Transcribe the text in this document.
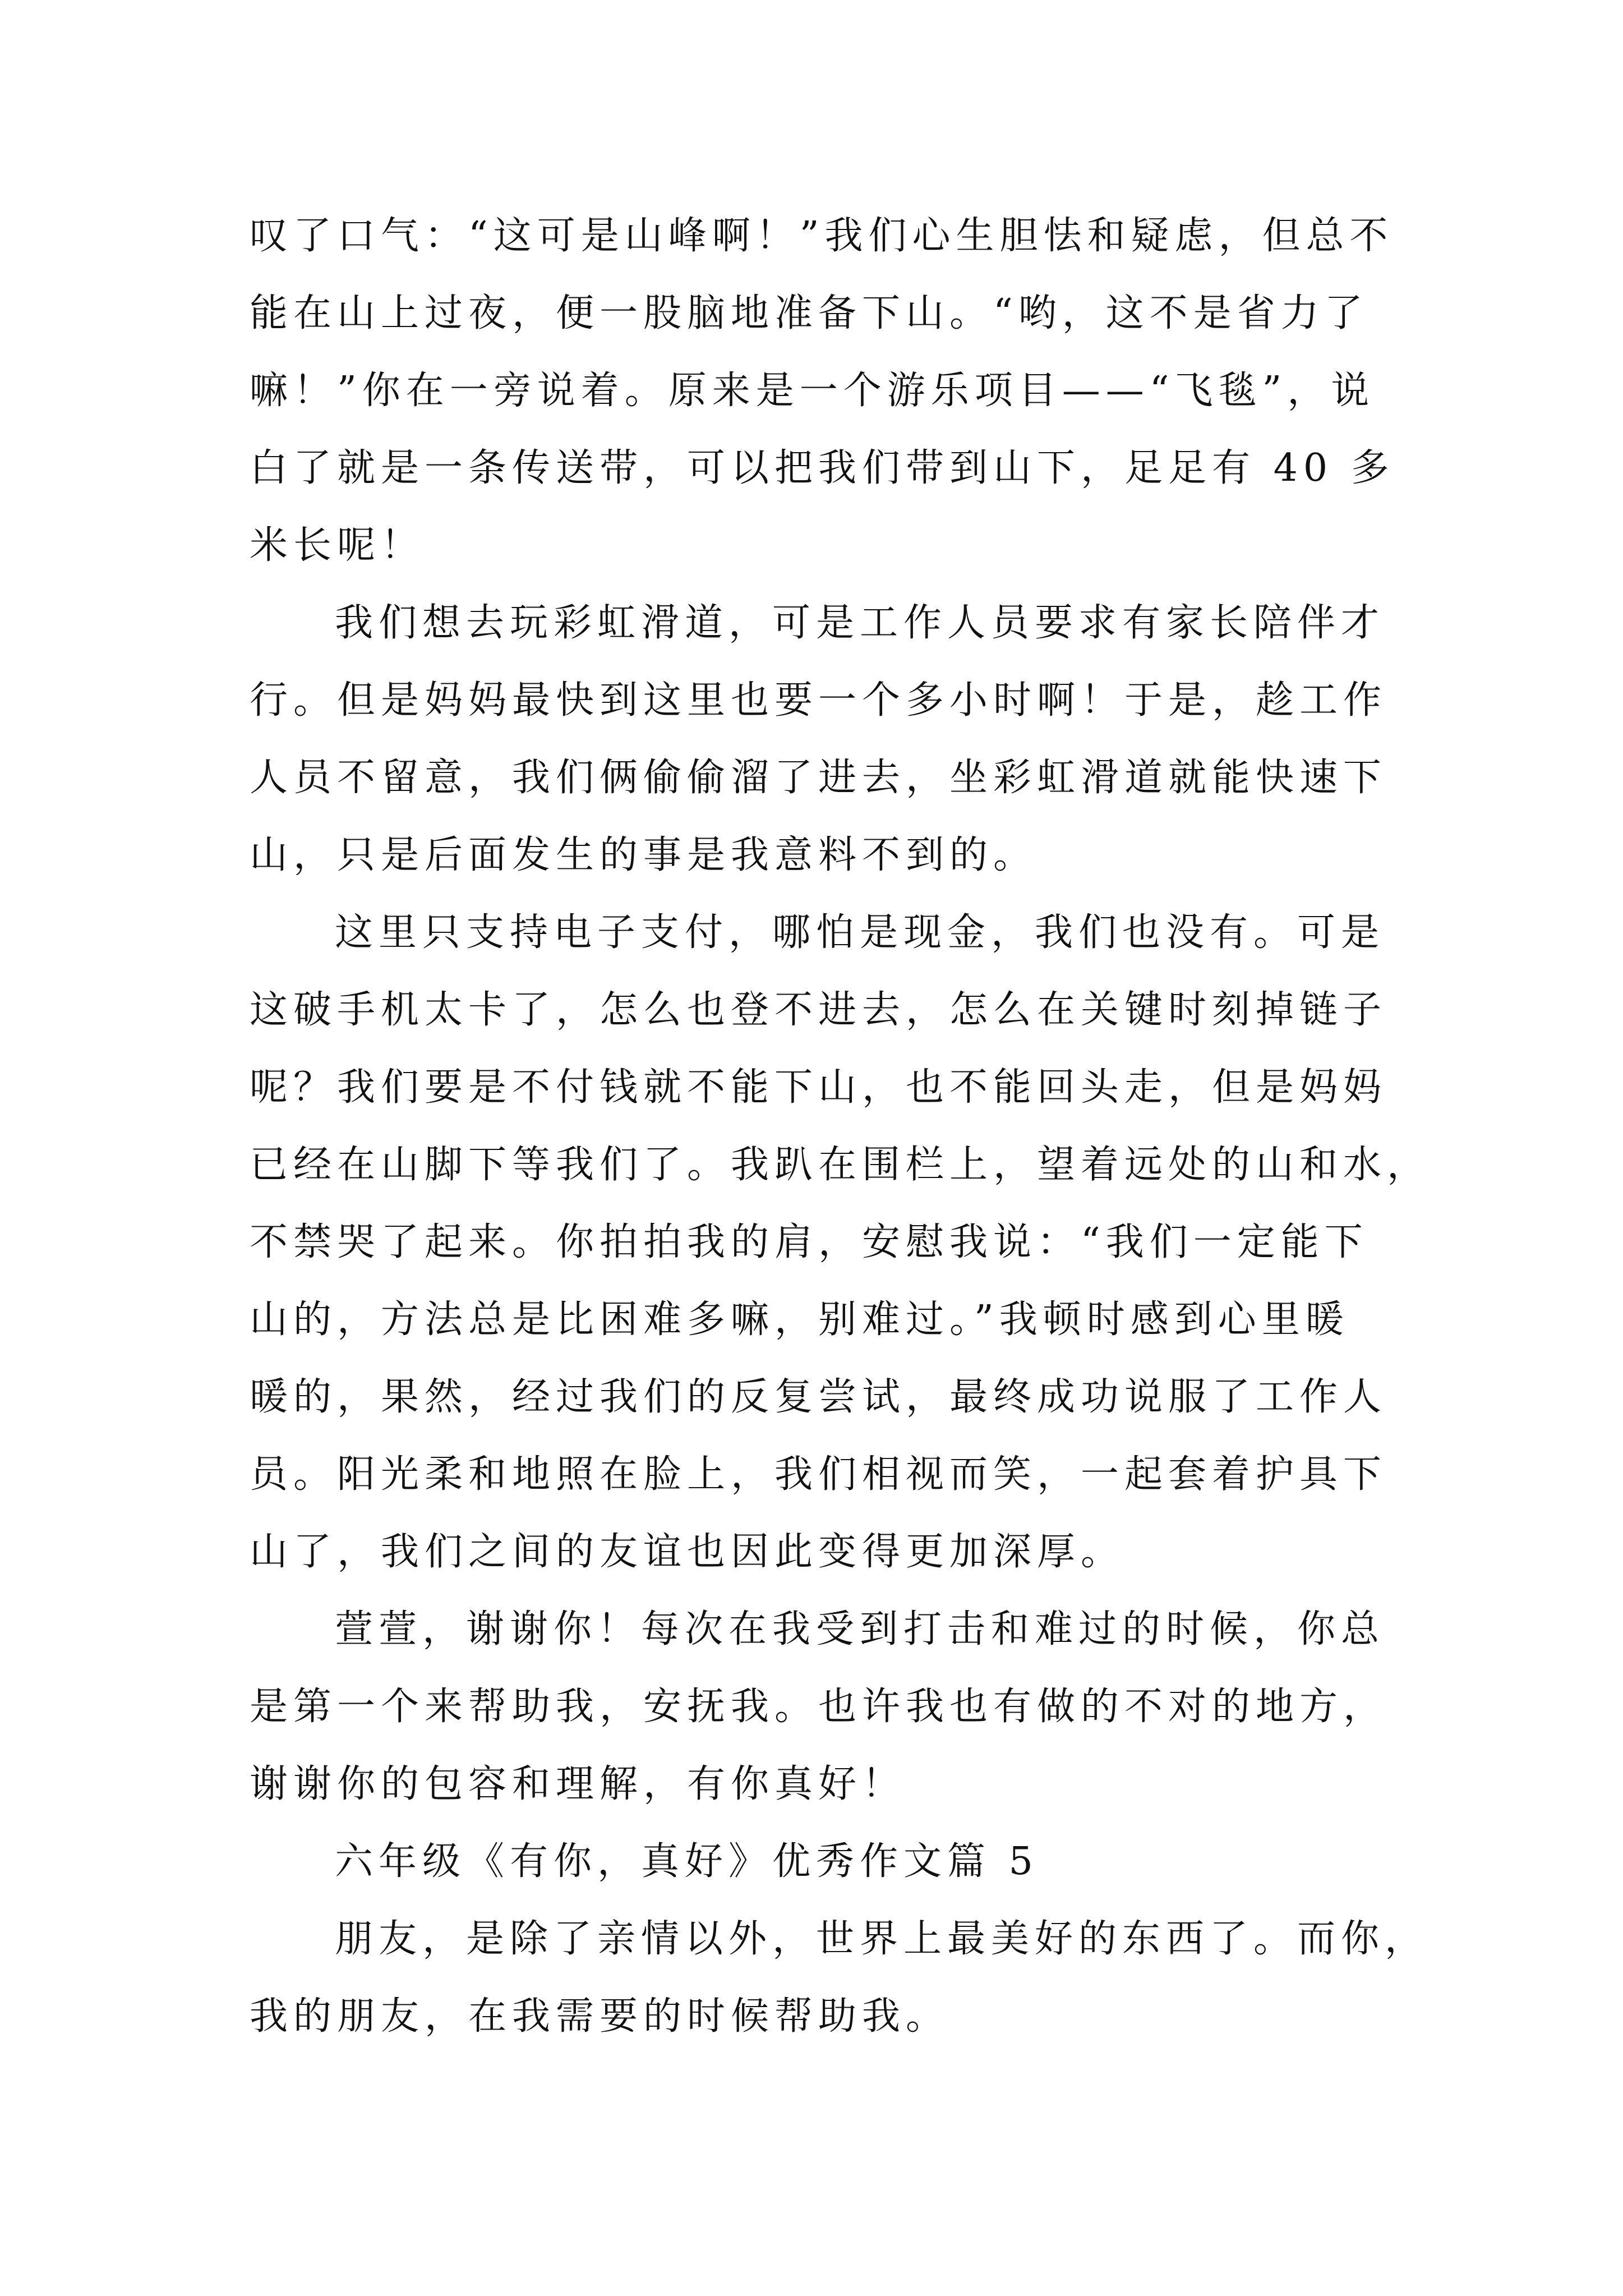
叹了口气：“这可是山峰啊！”我们心生胆怯和疑虑，但总不
能在山上过夜，便一股脑地准备下山。“哟，这不是省力了
嘛！”你在一旁说着。原来是一个游乐项目——“飞毯”，说
白了就是一条传送带，可以把我们带到山下，足足有 40 多
米长呢！
我们想去玩彩虹滑道，可是工作人员要求有家长陪伴才
行。但是妈妈最快到这里也要一个多小时啊！于是，趁工作
人员不留意，我们俩偷偷溜了进去，坐彩虹滑道就能快速下
山，只是后面发生的事是我意料不到的。
这里只支持电子支付，哪怕是现金，我们也没有。可是
这破手机太卡了，怎么也登不进去，怎么在关键时刻掉链子
呢？我们要是不付钱就不能下山，也不能回头走，但是妈妈
已经在山脚下等我们了。我趴在围栏上，望着远处的山和水，
不禁哭了起来。你拍拍我的肩，安慰我说：“我们一定能下
山的，方法总是比困难多嘛，别难过。”我顿时感到心里暖
暖的，果然，经过我们的反复尝试，最终成功说服了工作人
员。阳光柔和地照在脸上，我们相视而笑，一起套着护具下
山了，我们之间的友谊也因此变得更加深厚。
萱萱，谢谢你！每次在我受到打击和难过的时候，你总
是第一个来帮助我，安抚我。也许我也有做的不对的地方，
谢谢你的包容和理解，有你真好！
六年级《有你，真好》优秀作文篇 5
朋友，是除了亲情以外，世界上最美好的东西了。而你，
我的朋友，在我需要的时候帮助我。
